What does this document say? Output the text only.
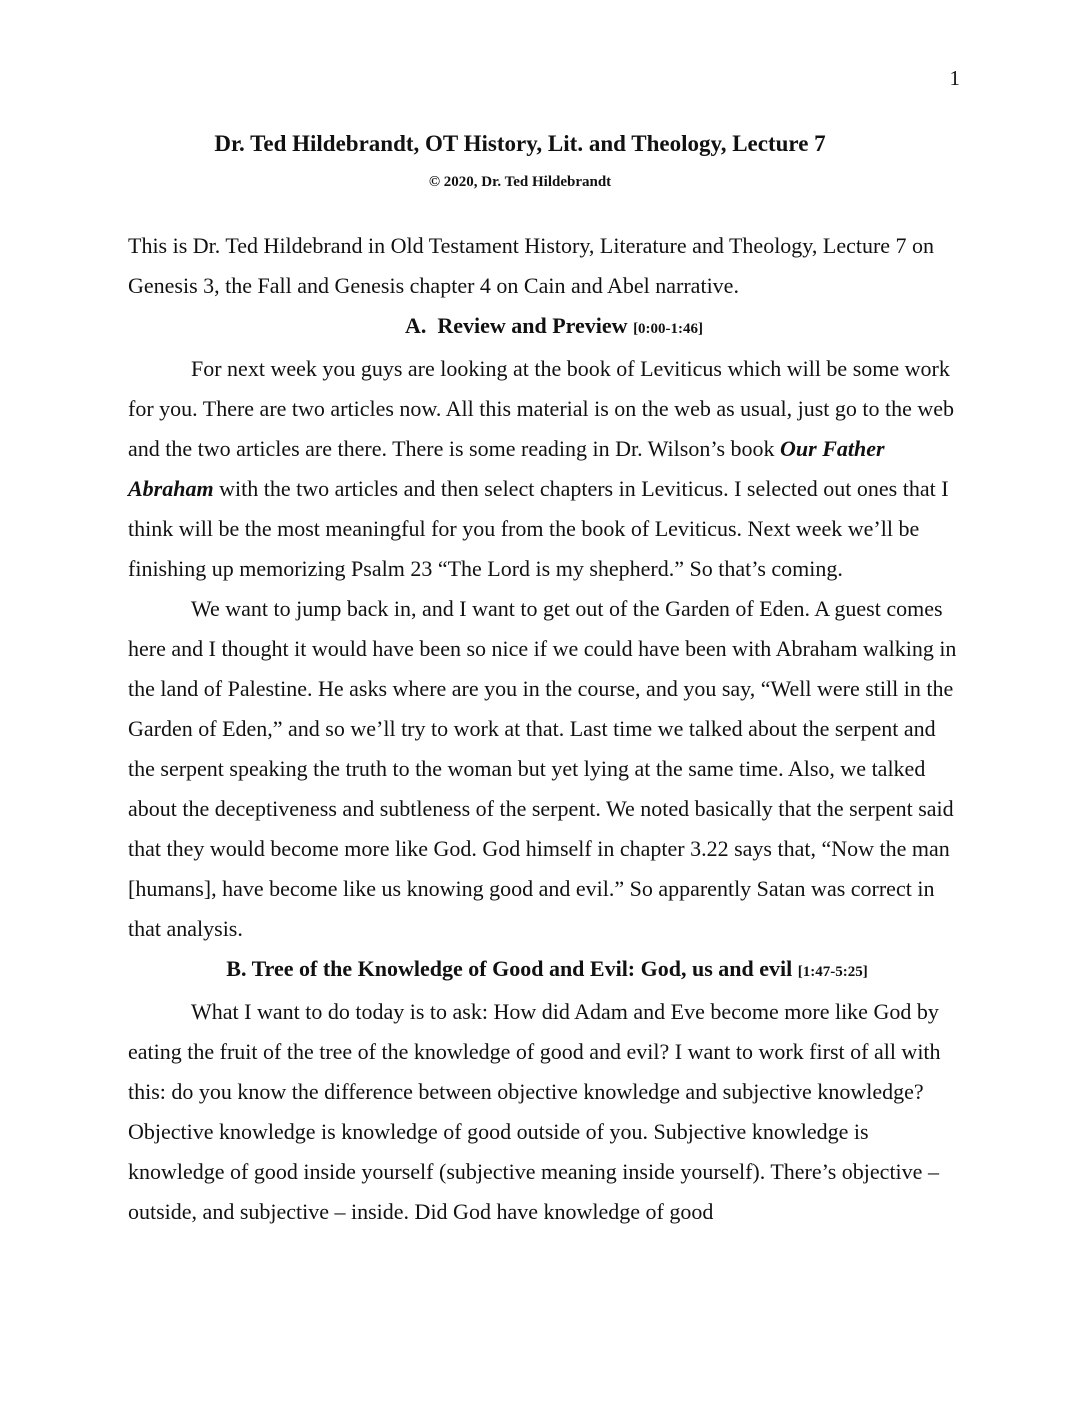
1
Dr. Ted Hildebrandt, OT History, Lit. and Theology, Lecture 7
© 2020, Dr. Ted Hildebrandt

This is Dr. Ted Hildebrand in Old Testament History, Literature and Theology, Lecture 7 on Genesis 3, the Fall and Genesis chapter 4 on Cain and Abel narrative.

A. Review and Preview [0:00-1:46]

For next week you guys are looking at the book of Leviticus which will be some work for you. There are two articles now. All this material is on the web as usual, just go to the web and the two articles are there. There is some reading in Dr. Wilson’s book Our Father Abraham with the two articles and then select chapters in Leviticus. I selected out ones that I think will be the most meaningful for you from the book of Leviticus. Next week we’ll be finishing up memorizing Psalm 23 “The Lord is my shepherd.” So that’s coming.

We want to jump back in, and I want to get out of the Garden of Eden. A guest comes here and I thought it would have been so nice if we could have been with Abraham walking in the land of Palestine. He asks where are you in the course, and you say, “Well were still in the Garden of Eden,” and so we’ll try to work at that. Last time we talked about the serpent and the serpent speaking the truth to the woman but yet lying at the same time. Also, we talked about the deceptiveness and subtleness of the serpent. We noted basically that the serpent said that they would become more like God. God himself in chapter 3.22 says that, “Now the man [humans], have become like us knowing good and evil.” So apparently Satan was correct in that analysis.

B. Tree of the Knowledge of Good and Evil: God, us and evil [1:47-5:25]

What I want to do today is to ask: How did Adam and Eve become more like God by eating the fruit of the tree of the knowledge of good and evil? I want to work first of all with this: do you know the difference between objective knowledge and subjective knowledge? Objective knowledge is knowledge of good outside of you. Subjective knowledge is knowledge of good inside yourself (subjective meaning inside yourself). There’s objective – outside, and subjective – inside. Did God have knowledge of good
